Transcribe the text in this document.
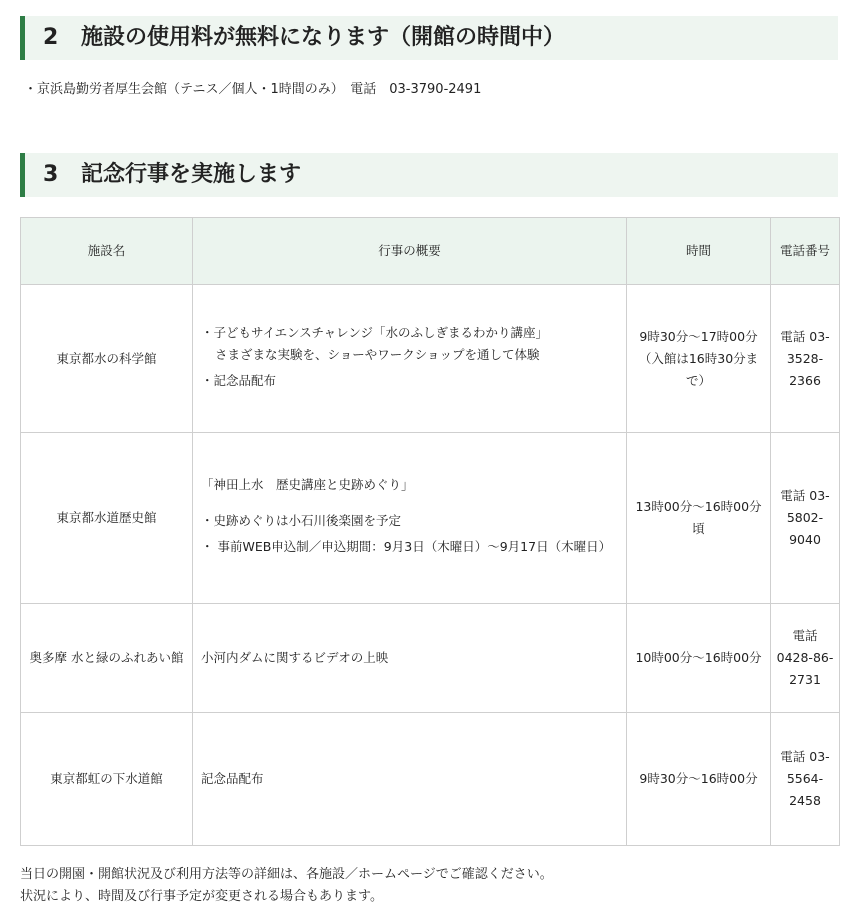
2 施設の使用料が無料になります（開館の時間中）
・京浜島勤労者厚生会館（テニス／個人・1時間のみ）　電話　03-3790-2491
3 記念行事を実施します
施設名	行事の概要	時間	電話番号
東京都水の科学館	・子どもサイエンスチャレンジ「水のふしぎまるわかり講座」
さまざまな実験を、ショーやワークショップを通して体験
・記念品配布	9時30分～17時00分（入館は16時30分まで）	電話 03-3528-2366
東京都水道歴史館	「神田上水　歴史講座と史跡めぐり」
・史跡めぐりは小石川後楽園を予定
・ 事前WEB申込制／申込期間：9月3日（木曜日）～9月17日（木曜日）	13時00分～16時00分頃	電話 03-5802-9040
奥多摩 水と緑のふれあい館	小河内ダムに関するビデオの上映	10時00分～16時00分	電話 0428-86-2731
東京都虹の下水道館	記念品配布	9時30分～16時00分	電話 03-5564-2458
当日の開園・開館状況及び利用方法等の詳細は、各施設／ホームページでご確認ください。
状況により、時間及び行事予定が変更される場合もあります。
